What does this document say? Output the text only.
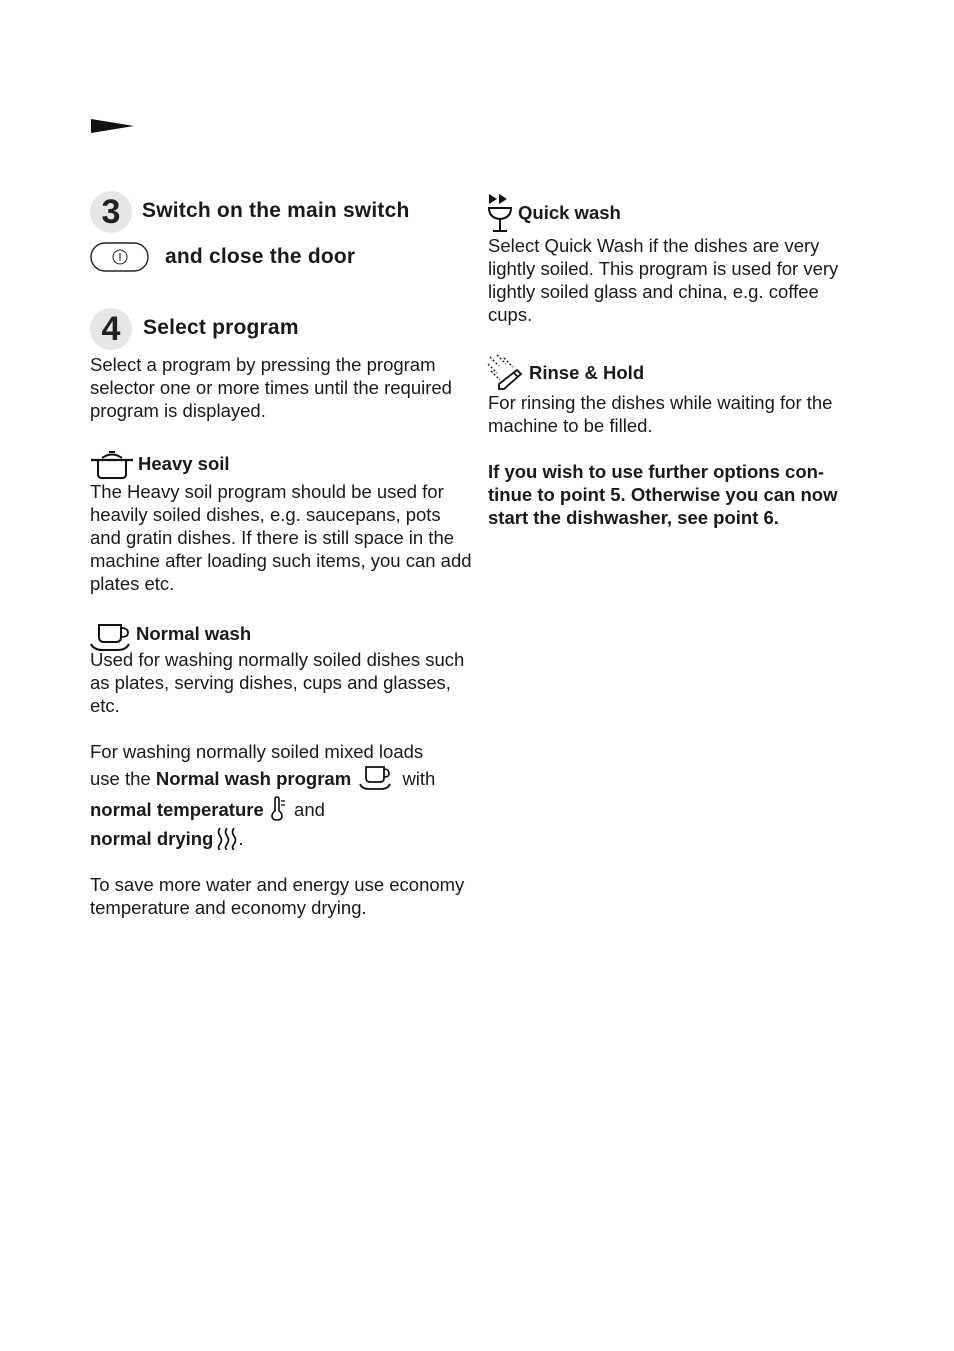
3 Switch on the main switch
and close the door
4 Select program

Select a program by pressing the program selector one or more times until the required program is displayed.

Heavy soil

The Heavy soil program should be used for heavily soiled dishes, e.g. saucepans, pots and gratin dishes. If there is still space in the machine after loading such items, you can add plates etc.

Normal wash

Used for washing normally soiled dishes such as plates, serving dishes, cups and glasses, etc.

For washing normally soiled mixed loads

use the Normal wash program	with
normal temperature and
normal drying .

To save more water and energy use economy temperature and economy drying.

Quick wash

Select Quick Wash if the dishes are very lightly soiled. This program is used for very lightly soiled glass and china, e.g. coffee cups.

Rinse & Hold

For rinsing the dishes while waiting for the machine to be filled.

If you wish to use further options con-tinue to point 5. Otherwise you can now start the dishwasher, see point 6.
